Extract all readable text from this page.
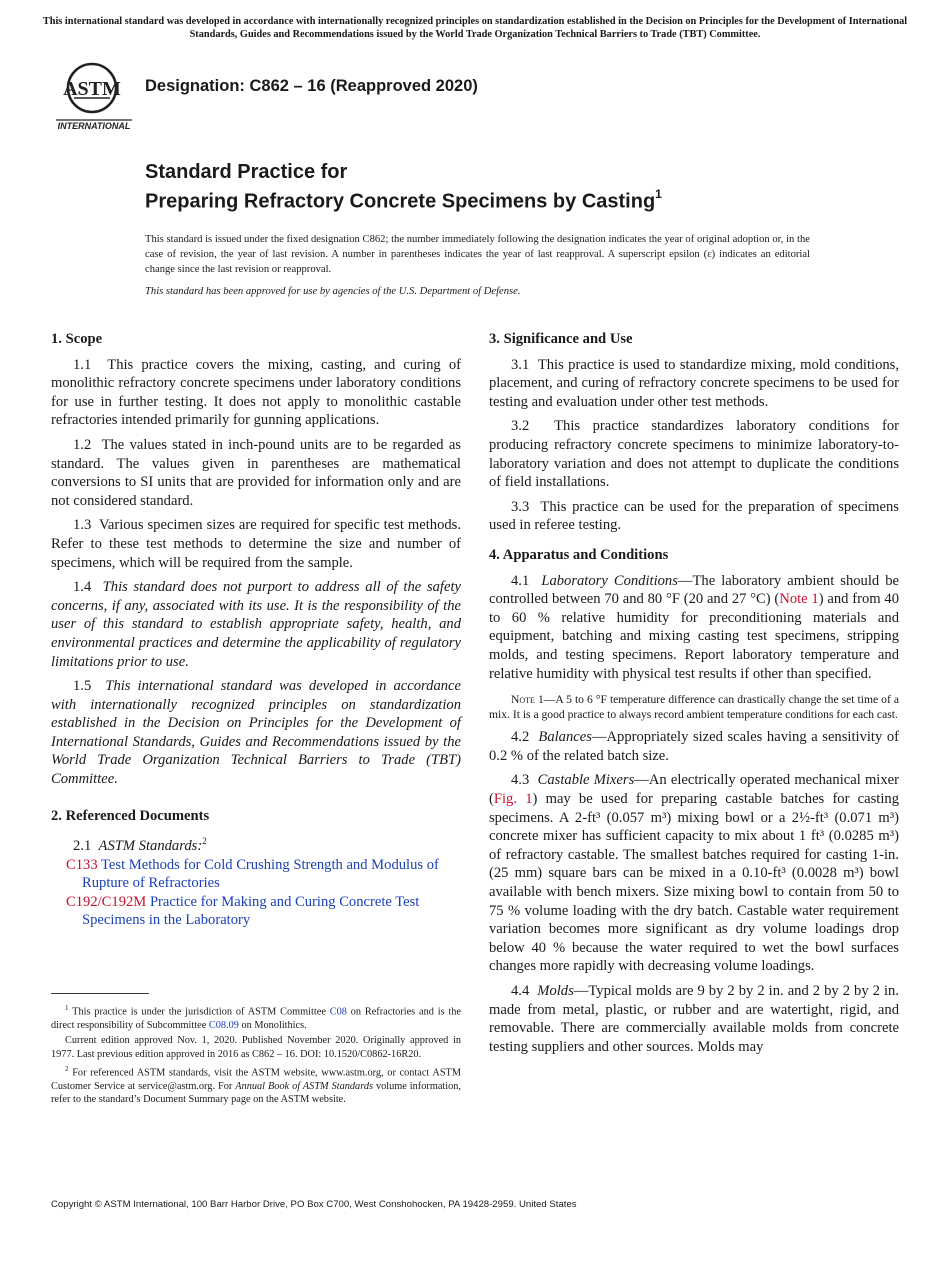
This international standard was developed in accordance with internationally recognized principles on standardization established in the Decision on Principles for the Development of International Standards, Guides and Recommendations issued by the World Trade Organization Technical Barriers to Trade (TBT) Committee.
ASTM
INTERNATIONAL
Designation: C862 – 16 (Reapproved 2020)
Standard Practice for
Preparing Refractory Concrete Specimens by Casting$^1$
This standard is issued under the fixed designation C862; the number immediately following the designation indicates the year of original adoption or, in the case of revision, the year of last revision. A number in parentheses indicates the year of last reapproval. A superscript epsilon (ε) indicates an editorial change since the last revision or reapproval.
This standard has been approved for use by agencies of the U.S. Department of Defense.
1. Scope
1.1 This practice covers the mixing, casting, and curing of monolithic refractory concrete specimens under laboratory conditions for use in further testing. It does not apply to monolithic castable refractories intended primarily for gunning applications.
1.2 The values stated in inch-pound units are to be regarded as standard. The values given in parentheses are mathematical conversions to SI units that are provided for information only and are not considered standard.
1.3 Various specimen sizes are required for specific test methods. Refer to these test methods to determine the size and number of specimens, which will be required from the sample.
1.4 This standard does not purport to address all of the safety concerns, if any, associated with its use. It is the responsibility of the user of this standard to establish appropriate safety, health, and environmental practices and determine the applicability of regulatory limitations prior to use.
1.5 This international standard was developed in accordance with internationally recognized principles on standardization established in the Decision on Principles for the Development of International Standards, Guides and Recommendations issued by the World Trade Organization Technical Barriers to Trade (TBT) Committee.
2. Referenced Documents
2.1 ASTM Standards:$^2$
C133 Test Methods for Cold Crushing Strength and Modulus of Rupture of Refractories
C192/C192M Practice for Making and Curing Concrete Test Specimens in the Laboratory
3. Significance and Use
3.1 This practice is used to standardize mixing, mold conditions, placement, and curing of refractory concrete specimens to be used for testing and evaluation under other test methods.
3.2 This practice standardizes laboratory conditions for producing refractory concrete specimens to minimize laboratory-to-laboratory variation and does not attempt to duplicate the conditions of field installations.
3.3 This practice can be used for the preparation of specimens used in referee testing.
4. Apparatus and Conditions
4.1 Laboratory Conditions—The laboratory ambient should be controlled between 70 and 80 °F (20 and 27 °C) (Note 1) and from 40 to 60 % relative humidity for preconditioning materials and equipment, batching and mixing casting test specimens, stripping molds, and testing specimens. Report laboratory temperature and relative humidity with physical test results if other than specified.
Note 1—A 5 to 6 °F temperature difference can drastically change the set time of a mix. It is a good practice to always record ambient temperature conditions for each cast.
4.2 Balances—Appropriately sized scales having a sensitivity of 0.2 % of the related batch size.
4.3 Castable Mixers—An electrically operated mechanical mixer (Fig. 1) may be used for preparing castable batches for casting specimens. A 2-ft³ (0.057 m³) mixing bowl or a 2½-ft³ (0.071 m³) concrete mixer has sufficient capacity to mix about 1 ft³ (0.0285 m³) of refractory castable. The smallest batches required for casting 1-in. (25 mm) square bars can be mixed in a 0.10-ft³ (0.0028 m³) bowl available with bench mixers. Size mixing bowl to contain from 50 to 75 % volume loading with the dry batch. Castable water requirement variation becomes more significant as dry volume loadings drop below 40 % because the water required to wet the bowl surfaces changes more rapidly with decreasing volume loadings.
4.4 Molds—Typical molds are 9 by 2 by 2 in. and 2 by 2 by 2 in. made from metal, plastic, or rubber and are watertight, rigid, and removable. There are commercially available molds from concrete testing suppliers and other sources. Molds may
$^1$ This practice is under the jurisdiction of ASTM Committee C08 on Refractories and is the direct responsibility of Subcommittee C08.09 on Monolithics.
Current edition approved Nov. 1, 2020. Published November 2020. Originally approved in 1977. Last previous edition approved in 2016 as C862 – 16. DOI: 10.1520/C0862-16R20.
$^2$ For referenced ASTM standards, visit the ASTM website, www.astm.org, or contact ASTM Customer Service at service@astm.org. For Annual Book of ASTM Standards volume information, refer to the standard’s Document Summary page on the ASTM website.
Copyright © ASTM International, 100 Barr Harbor Drive, PO Box C700, West Conshohocken, PA 19428-2959. United States
